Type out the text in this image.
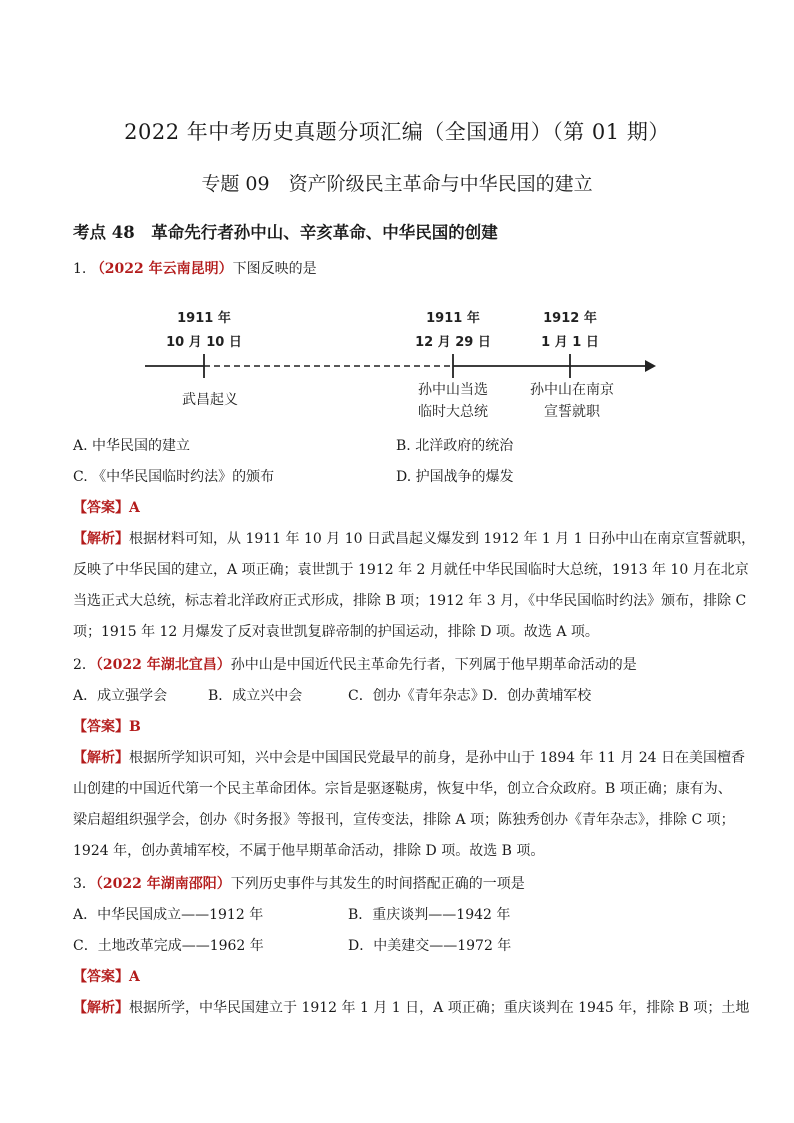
2022 年中考历史真题分项汇编（全国通用）（第 01 期）
专题 09　资产阶级民主革命与中华民国的建立
考点 48　革命先行者孙中山、辛亥革命、中华民国的创建
1. （2022 年云南昆明）下图反映的是
1911 年
10 月 10 日
1911 年
12 月 29 日
1912 年
1 月 1 日
武昌起义
孙中山当选
临时大总统
孙中山在南京
宣誓就职
A. 中华民国的建立	B. 北洋政府的统治
C. 《中华民国临时约法》的颁布	D. 护国战争的爆发
【答案】A
【解析】根据材料可知，从 1911 年 10 月 10 日武昌起义爆发到 1912 年 1 月 1 日孙中山在南京宣誓就职，
反映了中华民国的建立，A 项正确；袁世凯于 1912 年 2 月就任中华民国临时大总统，1913 年 10 月在北京
当选正式大总统，标志着北洋政府正式形成，排除 B 项；1912 年 3 月，《中华民国临时约法》颁布，排除 C
项；1915 年 12 月爆发了反对袁世凯复辟帝制的护国运动，排除 D 项。故选 A 项。
2．（2022 年湖北宜昌）孙中山是中国近代民主革命先行者，下列属于他早期革命活动的是
A．成立强学会	B．成立兴中会	C．创办《青年杂志》
D．创办黄埔军校
【答案】B
【解析】根据所学知识可知，兴中会是中国国民党最早的前身，是孙中山于 1894 年 11 月 24 日在美国檀香
山创建的中国近代第一个民主革命团体。宗旨是驱逐鞑虏，恢复中华，创立合众政府。B 项正确；康有为、
梁启超组织强学会，创办《时务报》等报刊，宣传变法，排除 A 项；陈独秀创办《青年杂志》，排除 C 项；
1924 年，创办黄埔军校，不属于他早期革命活动，排除 D 项。故选 B 项。
3．（2022 年湖南邵阳）下列历史事件与其发生的时间搭配正确的一项是
A．中华民国成立——1912 年	B．重庆谈判——1942 年
C．土地改革完成——1962 年	D．中美建交——1972 年
【答案】A
【解析】根据所学，中华民国建立于 1912 年 1 月 1 日，A 项正确；重庆谈判在 1945 年，排除 B 项；土地
